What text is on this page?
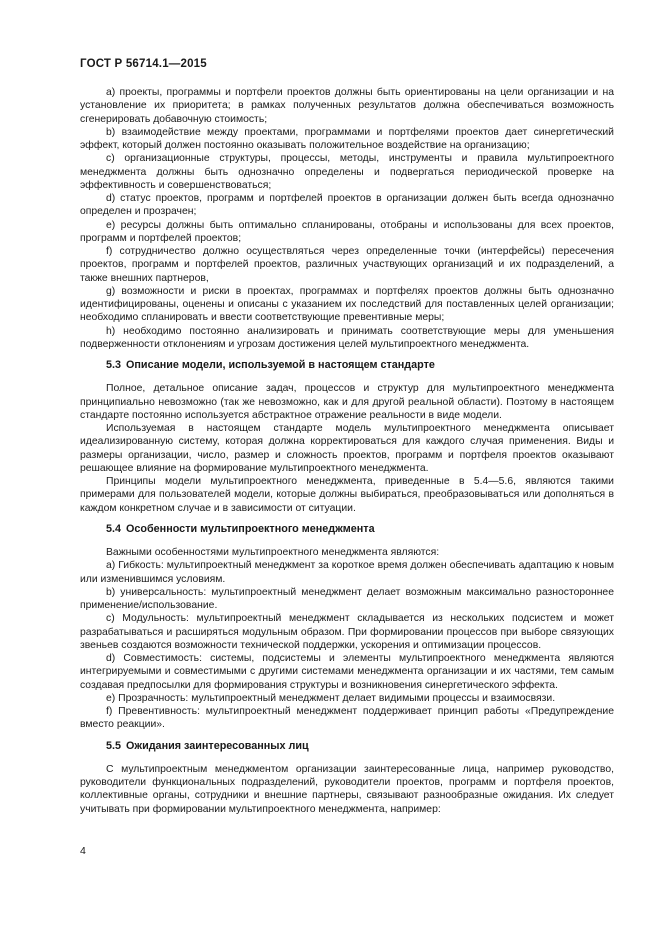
ГОСТ Р 56714.1—2015

a) проекты, программы и портфели проектов должны быть ориентированы на цели организации и на установление их приоритета; в рамках полученных результатов должна обеспечиваться возможность сгенерировать добавочную стоимость;

b) взаимодействие между проектами, программами и портфелями проектов дает синергетический эффект, который должен постоянно оказывать положительное воздействие на организацию;

c) организационные структуры, процессы, методы, инструменты и правила мультипроектного менеджмента должны быть однозначно определены и подвергаться периодической проверке на эффективность и совершенствоваться;

d) статус проектов, программ и портфелей проектов в организации должен быть всегда однозначно определен и прозрачен;

e) ресурсы должны быть оптимально спланированы, отобраны и использованы для всех проектов, программ и портфелей проектов;

f) сотрудничество должно осуществляться через определенные точки (интерфейсы) пересечения проектов, программ и портфелей проектов, различных участвующих организаций и их подразделений, а также внешних партнеров,

g) возможности и риски в проектах, программах и портфелях проектов должны быть однозначно идентифицированы, оценены и описаны с указанием их последствий для поставленных целей организации; необходимо спланировать и ввести соответствующие превентивные меры;

h) необходимо постоянно анализировать и принимать соответствующие меры для уменьшения подверженности отклонениям и угрозам достижения целей мультипроектного менеджмента.

5.3 Описание модели, используемой в настоящем стандарте

Полное, детальное описание задач, процессов и структур для мультипроектного менеджмента принципиально невозможно (так же невозможно, как и для другой реальной области). Поэтому в настоящем стандарте постоянно используется абстрактное отражение реальности в виде модели.

Используемая в настоящем стандарте модель мультипроектного менеджмента описывает идеализированную систему, которая должна корректироваться для каждого случая применения. Виды и размеры организации, число, размер и сложность проектов, программ и портфеля проектов оказывают решающее влияние на формирование мультипроектного менеджмента.

Принципы модели мультипроектного менеджмента, приведенные в 5.4—5.6, являются такими примерами для пользователей модели, которые должны выбираться, преобразовываться или дополняться в каждом конкретном случае и в зависимости от ситуации.

5.4 Особенности мультипроектного менеджмента

Важными особенностями мультипроектного менеджмента являются:

a) Гибкость: мультипроектный менеджмент за короткое время должен обеспечивать адаптацию к новым или изменившимся условиям.

b) универсальность: мультипроектный менеджмент делает возможным максимально разностороннее применение/использование.

c) Модульность: мультипроектный менеджмент складывается из нескольких подсистем и может разрабатываться и расширяться модульным образом. При формировании процессов при выборе связующих звеньев создаются возможности технической поддержки, ускорения и оптимизации процессов.

d) Совместимость: системы, подсистемы и элементы мультипроектного менеджмента являются интегрируемыми и совместимыми с другими системами менеджмента организации и их частями, тем самым создавая предпосылки для формирования структуры и возникновения синергетического эффекта.

e) Прозрачность: мультипроектный менеджмент делает видимыми процессы и взаимосвязи.

f) Превентивность: мультипроектный менеджмент поддерживает принцип работы «Предупреждение вместо реакции».

5.5 Ожидания заинтересованных лиц

С мультипроектным менеджментом организации заинтересованные лица, например руководство, руководители функциональных подразделений, руководители проектов, программ и портфеля проектов, коллективные органы, сотрудники и внешние партнеры, связывают разнообразные ожидания. Их следует учитывать при формировании мультипроектного менеджмента, например:

4
